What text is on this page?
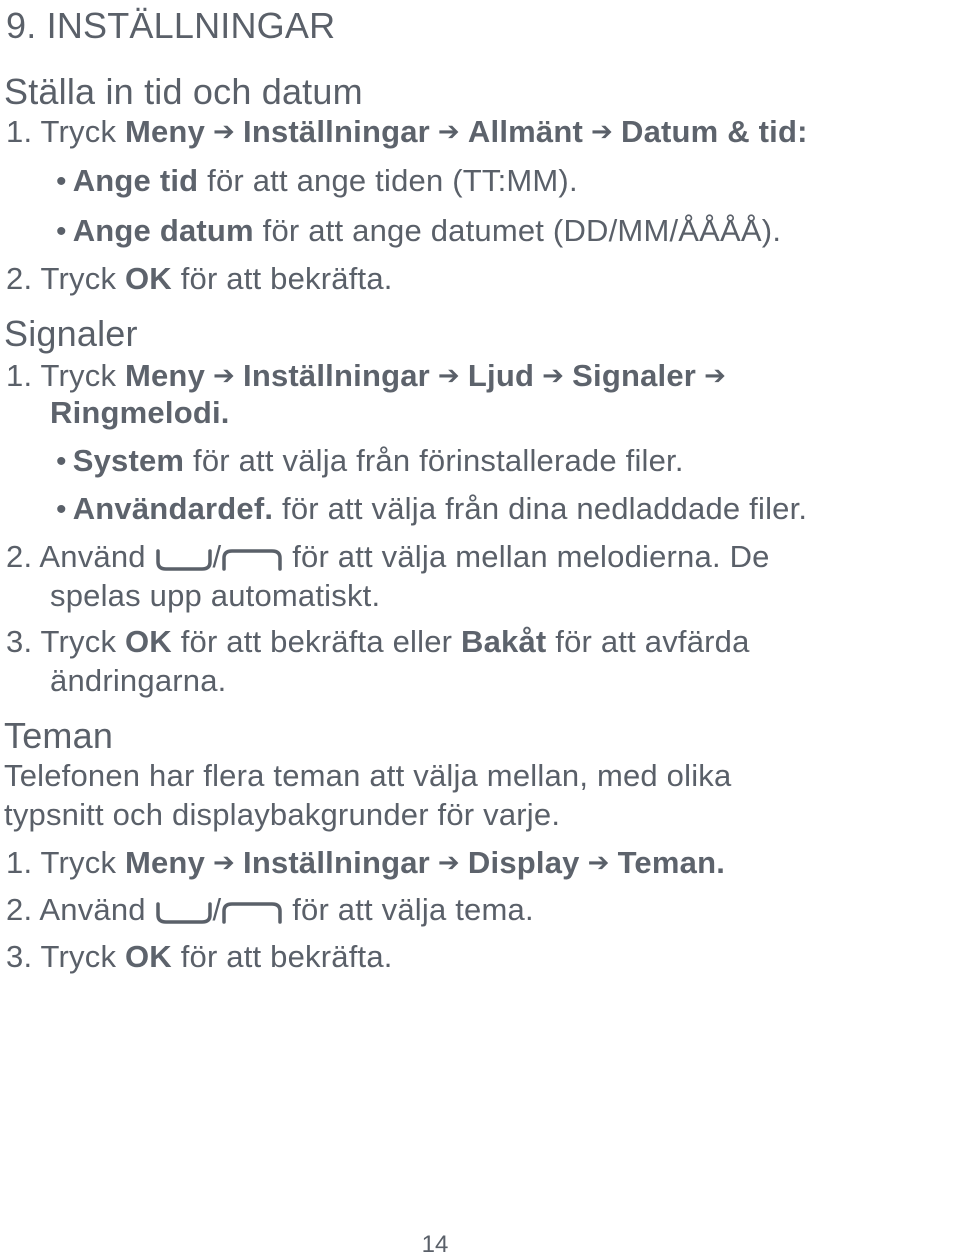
9. INSTÄLLNINGAR
Ställa in tid och datum
1. Tryck Meny ➔ Inställningar ➔ Allmänt ➔ Datum & tid:
• Ange tid för att ange tiden (TT:MM).
• Ange datum för att ange datumet (DD/MM/ÅÅÅÅ).
2. Tryck OK för att bekräfta.
Signaler
1. Tryck Meny ➔ Inställningar ➔ Ljud ➔ Signaler ➔
Ringmelodi.
• System för att välja från förinstallerade filer.
• Användardef. för att välja från dina nedladdade filer.
2. Använd / för att välja mellan melodierna. De
spelas upp automatiskt.
3. Tryck OK för att bekräfta eller Bakåt för att avfärda
ändringarna.
Teman
Telefonen har flera teman att välja mellan, med olika
typsnitt och displaybakgrunder för varje.
1. Tryck Meny ➔ Inställningar ➔ Display ➔ Teman.
2. Använd / för att välja tema.
3. Tryck OK för att bekräfta.
14
